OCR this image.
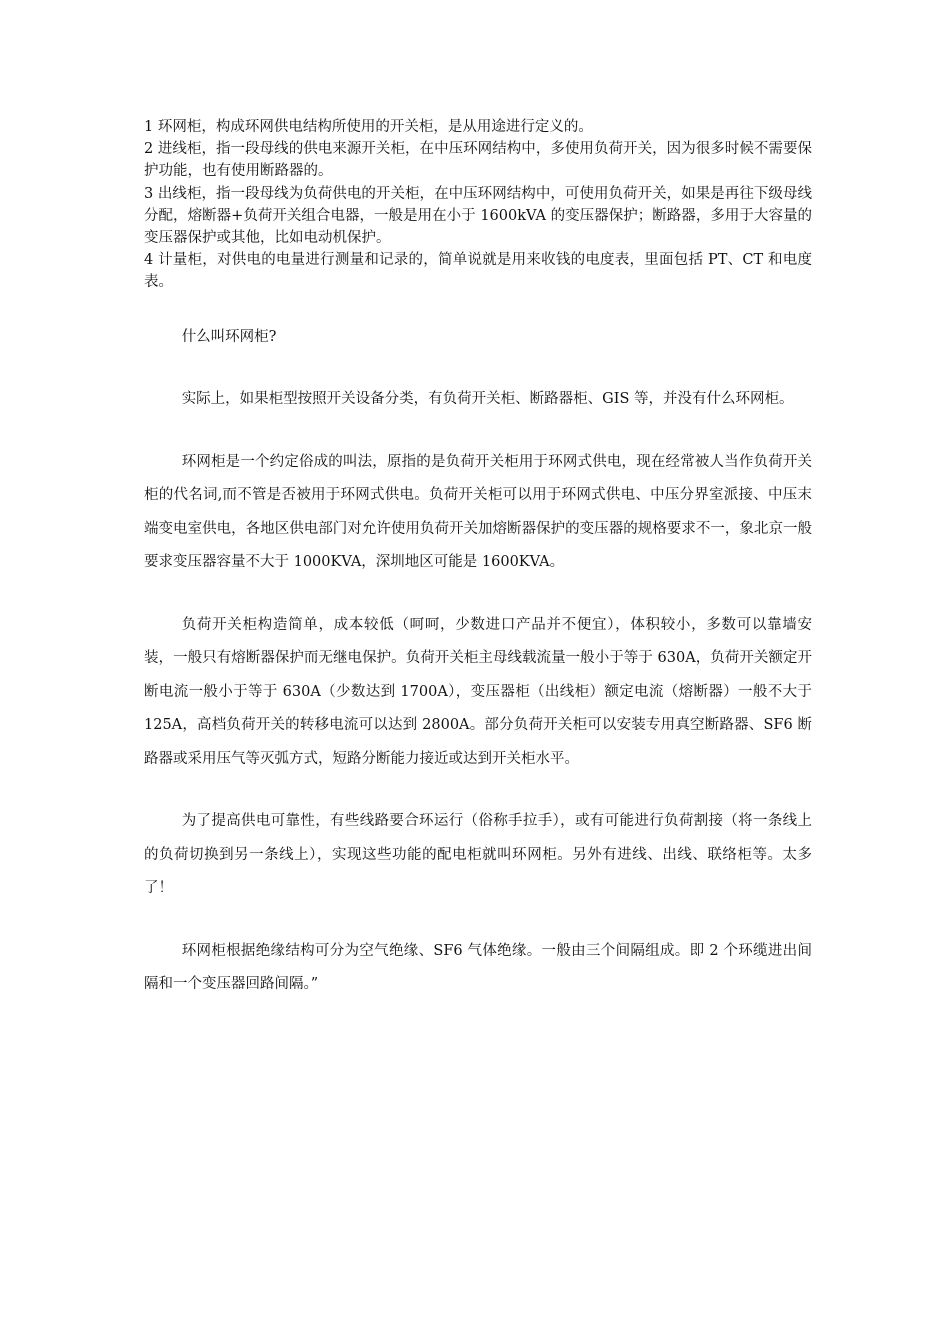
1 环网柜，构成环网供电结构所使用的开关柜，是从用途进行定义的。

2 进线柜，指一段母线的供电来源开关柜，在中压环网结构中，多使用负荷开关，因为很多时候不需要保护功能，也有使用断路器的。

3 出线柜，指一段母线为负荷供电的开关柜，在中压环网结构中，可使用负荷开关，如果是再往下级母线分配，熔断器+负荷开关组合电器，一般是用在小于 1600kVA 的变压器保护；断路器，多用于大容量的变压器保护或其他，比如电动机保护。

4 计量柜，对供电的电量进行测量和记录的，简单说就是用来收钱的电度表，里面包括 PT、CT 和电度表。

什么叫环网柜?

实际上，如果柜型按照开关设备分类，有负荷开关柜、断路器柜、GIS 等，并没有什么环网柜。

环网柜是一个约定俗成的叫法，原指的是负荷开关柜用于环网式供电，现在经常被人当作负荷开关柜的代名词,而不管是否被用于环网式供电。负荷开关柜可以用于环网式供电、中压分界室派接、中压末端变电室供电，各地区供电部门对允许使用负荷开关加熔断器保护的变压器的规格要求不一，象北京一般要求变压器容量不大于 1000KVA，深圳地区可能是 1600KVA。

负荷开关柜构造简单，成本较低（呵呵，少数进口产品并不便宜），体积较小，多数可以靠墙安装，一般只有熔断器保护而无继电保护。负荷开关柜主母线载流量一般小于等于 630A，负荷开关额定开断电流一般小于等于 630A（少数达到 1700A），变压器柜（出线柜）额定电流（熔断器）一般不大于 125A，高档负荷开关的转移电流可以达到 2800A。部分负荷开关柜可以安装专用真空断路器、SF6 断路器或采用压气等灭弧方式，短路分断能力接近或达到开关柜水平。

为了提高供电可靠性，有些线路要合环运行（俗称手拉手），或有可能进行负荷割接（将一条线上的负荷切换到另一条线上），实现这些功能的配电柜就叫环网柜。另外有进线、出线、联络柜等。太多了！

环网柜根据绝缘结构可分为空气绝缘、SF6 气体绝缘。一般由三个间隔组成。即 2 个环缆进出间隔和一个变压器回路间隔。”
